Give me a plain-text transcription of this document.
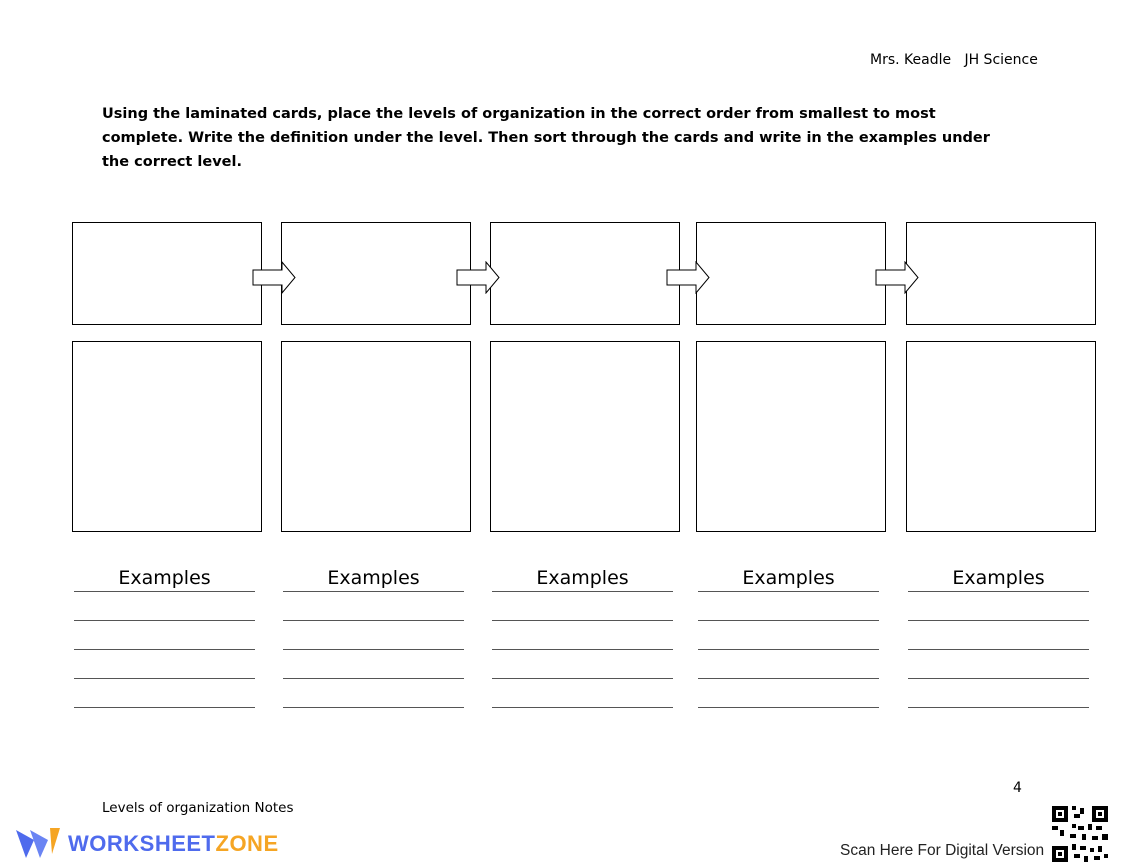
Mrs. Keadle   JH Science
Using the laminated cards, place the levels of organization in the correct order from smallest to most complete. Write the definition under the level. Then sort through the cards and write in the examples under the correct level.
Examples	Examples	Examples	Examples	Examples
4
Levels of organization Notes
WORKSHEETZONE	Scan Here For Digital Version
